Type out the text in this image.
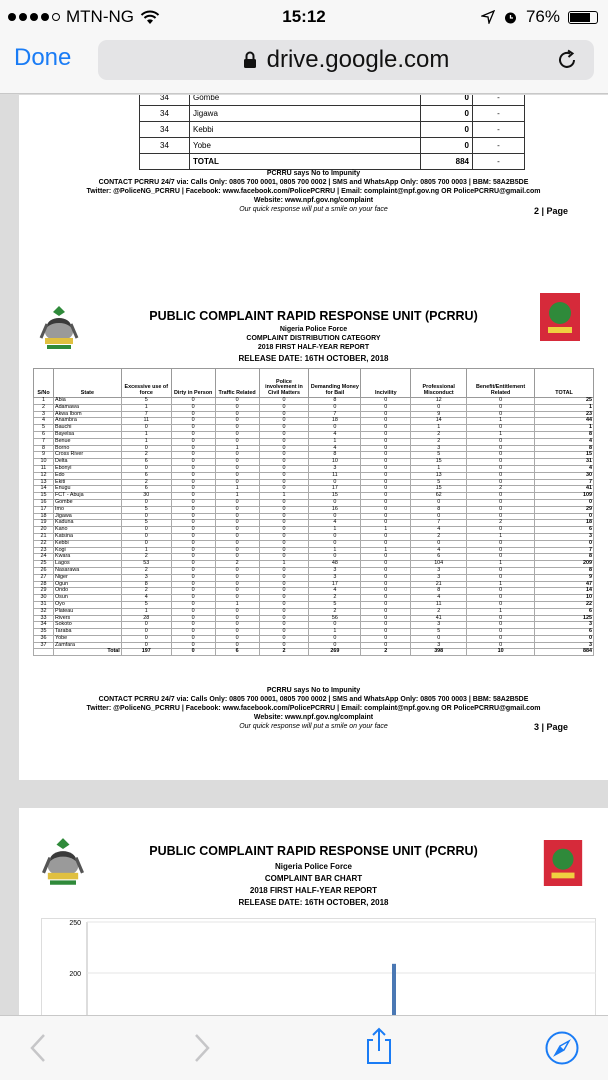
MTN-NG	15:12	76%
Done	drive.google.com
34	Gombe	0	-
34	Jigawa	0	-
34	Kebbi	0	-
34	Yobe	0	-
	TOTAL	884	-
PCRRU says No to Impunity
CONTACT PCRRU 24/7 via: Calls Only: 0805 700 0001, 0805 700 0002 | SMS and WhatsApp Only: 0805 700 0003 | BBM: 58A2B5DE
Twitter: @PoliceNG_PCRRU | Facebook: www.facebook.com/PolicePCRRU | Email: complaint@npf.gov.ng OR PolicePCRRU@gmail.com
Website: www.npf.gov.ng/complaint
Our quick response will put a smile on your face	2 | Page
PUBLIC COMPLAINT RAPID RESPONSE UNIT (PCRRU)
Nigeria Police Force
COMPLAINT DISTRIBUTION CATEGORY
2018 FIRST HALF-YEAR REPORT
RELEASE DATE: 16TH OCTOBER, 2018
S/No	State	Excessive use of force	Dirty in Person	Traffic Related	Police involvement in Civil Matters	Demanding Money for Bail	Incivility	Professional Misconduct	Benefit/Entitlement Related	TOTAL
1	Abia	5	0	0	0	8	0	12	0	25
2	Adamawa	1	0	0	0	0	0	0	0	1
3	Akwa Ibom	7	0	0	0	7	0	9	0	23
4	Anambra	11	0	0	0	18	0	14	1	44
5	Bauchi	0	0	0	0	0	0	1	0	1
6	Bayelsa	1	0	0	0	4	0	2	1	8
7	Benue	1	0	0	0	1	0	2	0	4
8	Borno	0	0	1	0	4	0	3	0	8
9	Cross River	2	0	0	0	8	0	5	0	15
10	Delta	6	0	0	0	10	0	15	0	31
11	Ebonyi	0	0	0	0	3	0	1	0	4
12	Edo	6	0	0	0	11	0	13	0	30
13	Ekiti	2	0	0	0	0	0	5	0	7
14	Enugu	6	0	1	0	17	0	15	2	41
15	FCT - Abuja	30	0	1	1	15	0	62	0	109
16	Gombe	0	0	0	0	0	0	0	0	0
17	Imo	5	0	0	0	16	0	8	0	29
18	Jigawa	0	0	0	0	0	0	0	0	0
19	Kaduna	5	0	0	0	4	0	7	2	18
20	Kano	0	0	0	0	1	1	4	0	6
21	Katsina	0	0	0	0	0	0	2	1	3
22	Kebbi	0	0	0	0	0	0	0	0	0
23	Kogi	1	0	0	0	1	1	4	0	7
24	Kwara	2	0	0	0	0	0	6	0	8
25	Lagos	53	0	2	1	48	0	104	1	209
26	Nasarawa	2	0	0	0	3	0	3	0	8
27	Niger	3	0	0	0	3	0	3	0	9
28	Ogun	8	0	0	0	17	0	21	1	47
29	Ondo	2	0	0	0	4	0	8	0	14
30	Osun	4	0	0	0	2	0	4	0	10
31	Oyo	5	0	1	0	5	0	11	0	22
32	Plateau	1	0	0	0	2	0	2	1	6
33	Rivers	28	0	0	0	56	0	41	0	125
34	Sokoto	0	0	0	0	0	0	3	0	3
35	Taraba	0	0	0	0	1	0	5	0	6
36	Yobe	0	0	0	0	0	0	0	0	0
37	Zamfara	0	0	0	0	0	0	3	0	3
	Total	197	0	6	2	269	2	398	10	884
PCRRU says No to Impunity
CONTACT PCRRU 24/7 via: Calls Only: 0805 700 0001, 0805 700 0002 | SMS and WhatsApp Only: 0805 700 0003 | BBM: 58A2B5DE
Twitter: @PoliceNG_PCRRU | Facebook: www.facebook.com/PolicePCRRU | Email: complaint@npf.gov.ng OR PolicePCRRU@gmail.com
Website: www.npf.gov.ng/complaint
Our quick response will put a smile on your face	3 | Page
PUBLIC COMPLAINT RAPID RESPONSE UNIT (PCRRU)
Nigeria Police Force
COMPLAINT BAR CHART
2018 FIRST HALF-YEAR REPORT
RELEASE DATE: 16TH OCTOBER, 2018
250
200
